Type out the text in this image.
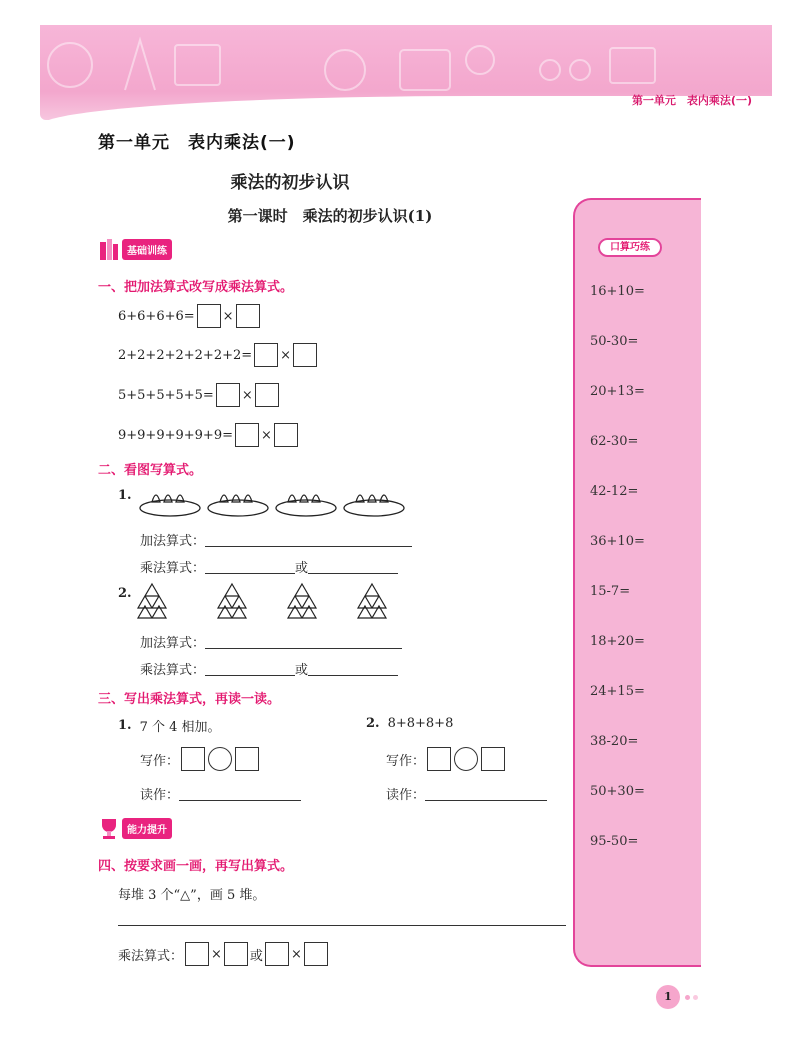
第一单元　表内乘法(一)
第一单元　表内乘法(一)
乘法的初步认识
第一课时　乘法的初步认识(1)
基础训练
一、把加法算式改写成乘法算式。
6+6+6+6= ×
2+2+2+2+2+2+2= ×
5+5+5+5+5= ×
9+9+9+9+9+9= ×
二、看图写算式。
1.
加法算式：
乘法算式：	或
2.
加法算式：
乘法算式：	或
三、写出乘法算式，再读一读。
1. 7 个 4 相加。	2. 8+8+8+8
写作：	写作：
读作：	读作：
能力提升
四、按要求画一画，再写出算式。
每堆 3 个“△”，画 5 堆。
乘法算式： × 或 ×
口算巧练
16+10=
50-30=
20+13=
62-30=
42-12=
36+10=
15-7=
18+20=
24+15=
38-20=
50+30=
95-50=
1
